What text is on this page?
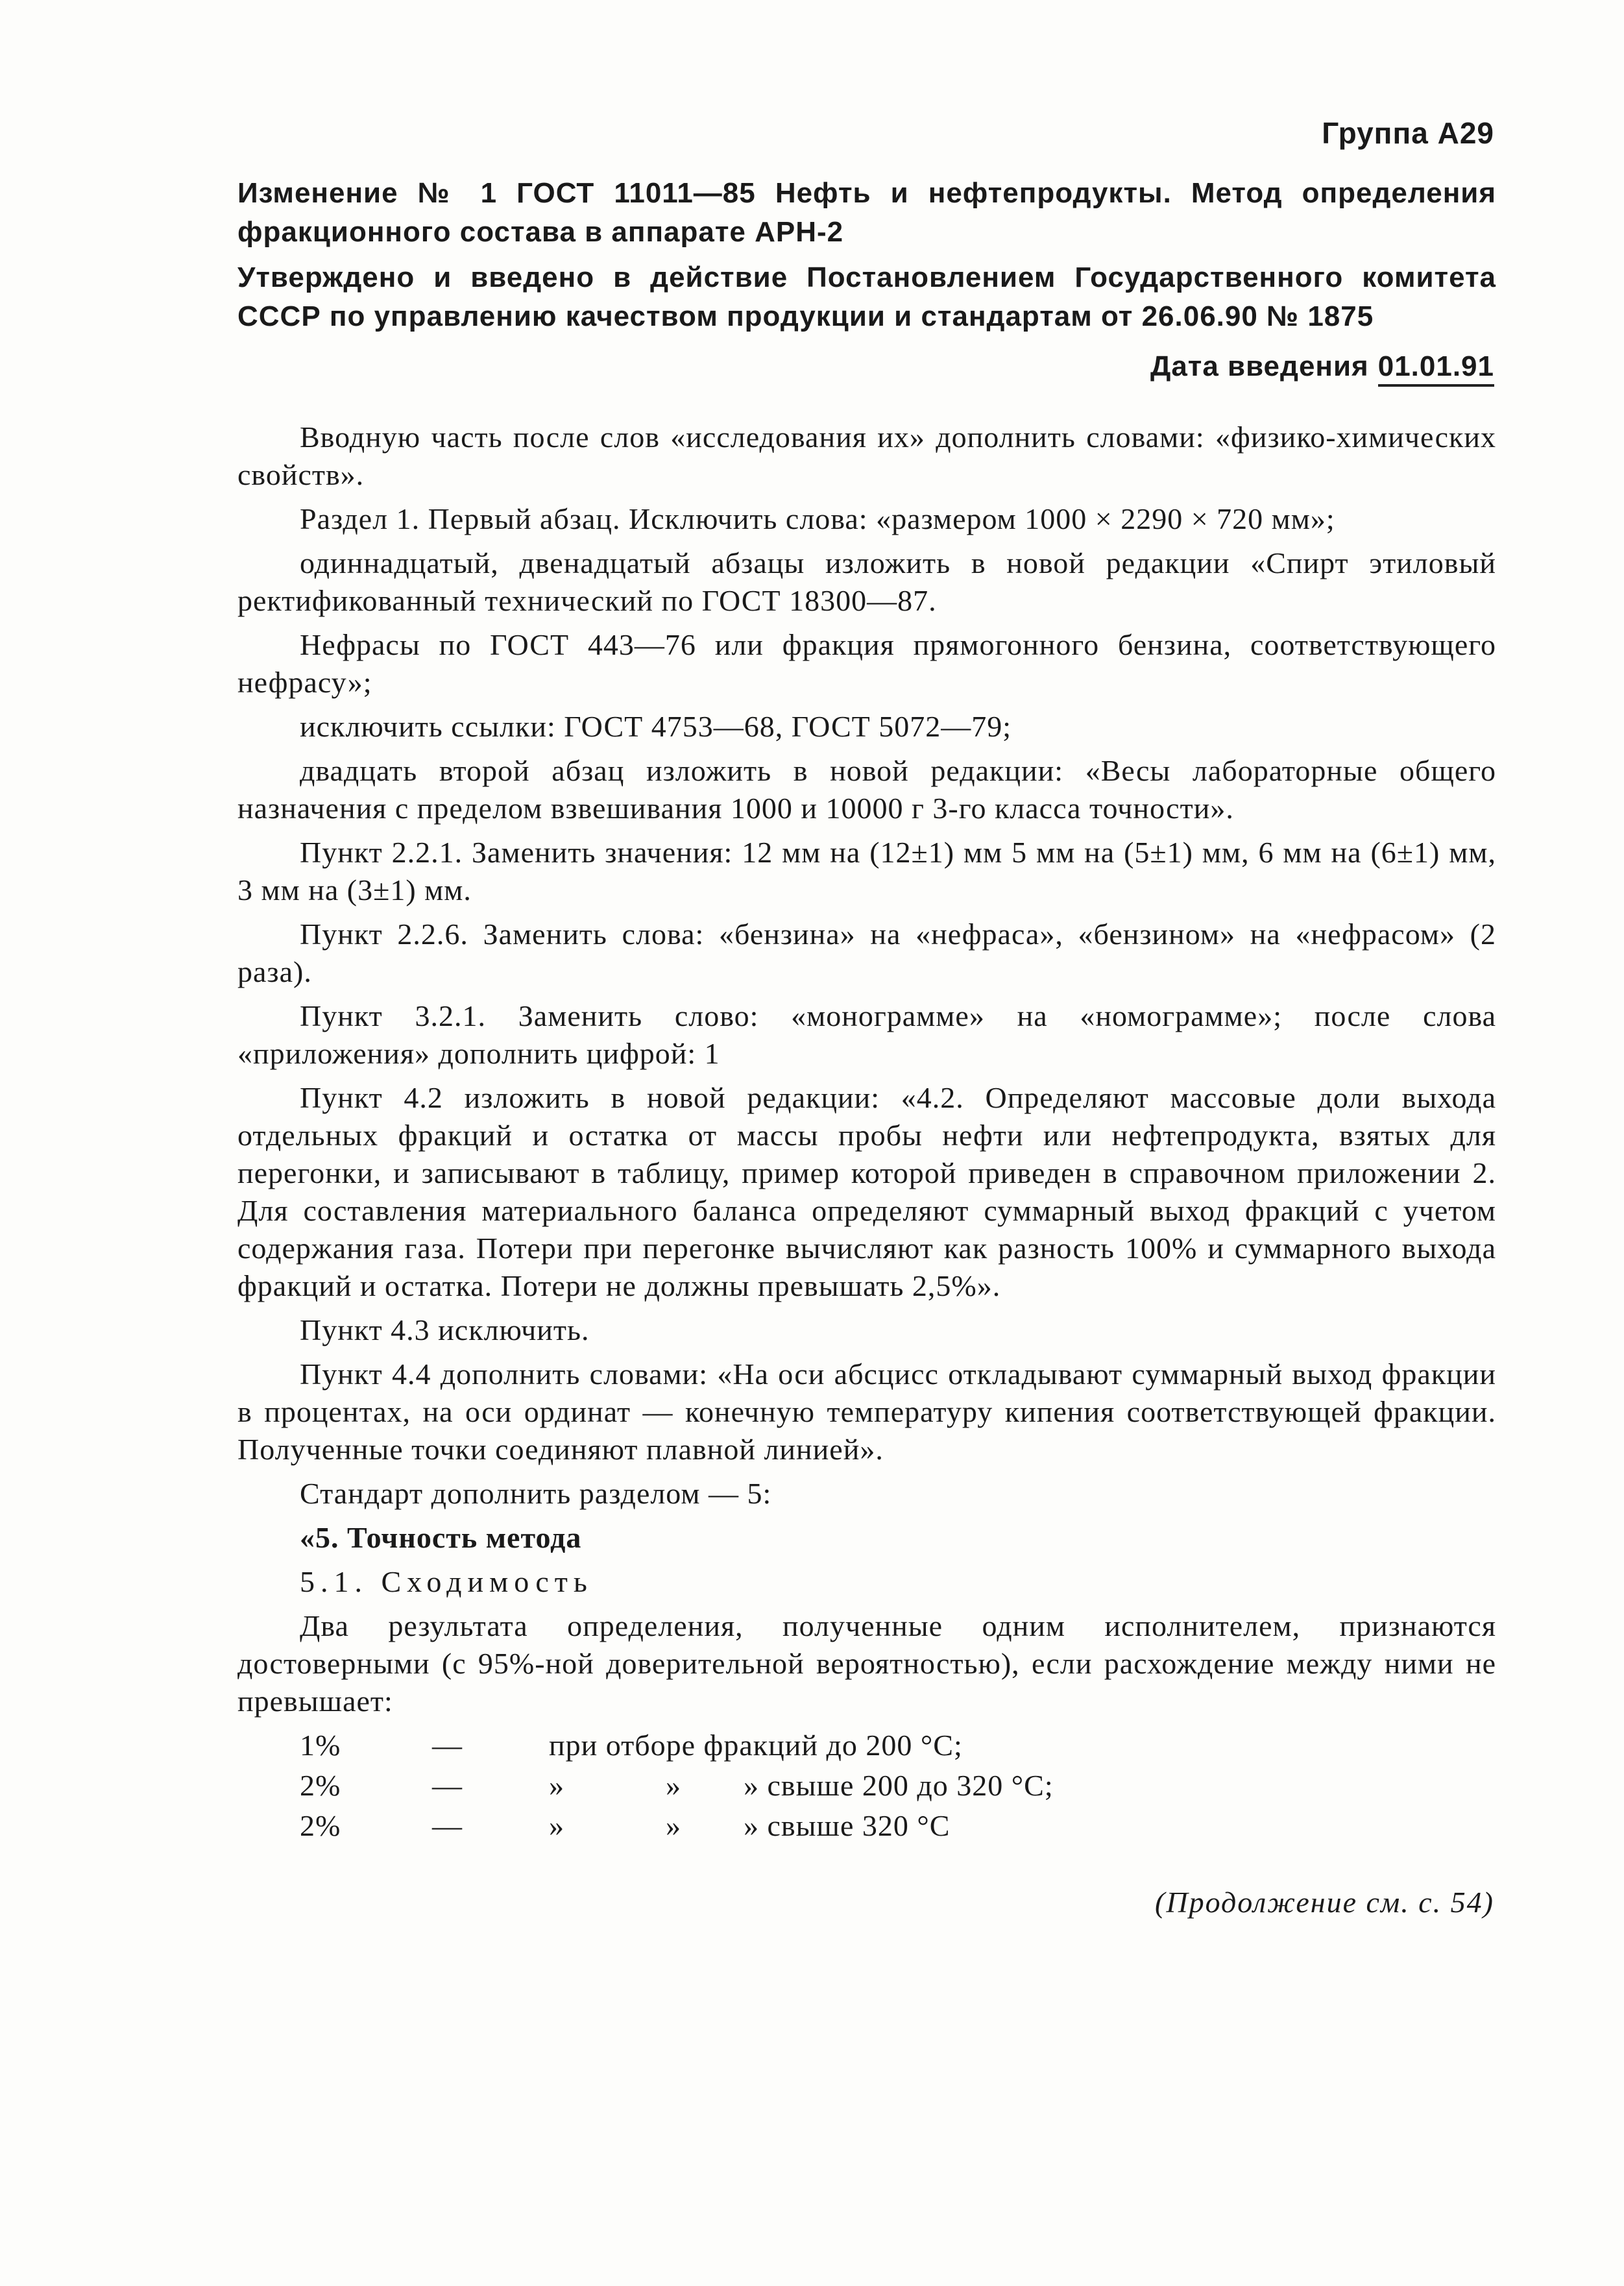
Группа А29
Изменение № 1 ГОСТ 11011—85 Нефть и нефтепродукты. Метод определения фракционного состава в аппарате АРН-2
Утверждено и введено в действие Постановлением Государственного комитета СССР по управлению качеством продукции и стандартам от 26.06.90 № 1875
Дата введения 01.01.91

Вводную часть после слов «исследования их» дополнить словами: «физико-химических свойств».

Раздел 1. Первый абзац. Исключить слова: «размером 1000 × 2290 × 720 мм»;

одиннадцатый, двенадцатый абзацы изложить в новой редакции «Спирт этиловый ректификованный технический по ГОСТ 18300—87.

Нефрасы по ГОСТ 443—76 или фракция прямогонного бензина, соответствующего нефрасу»;

исключить ссылки: ГОСТ 4753—68, ГОСТ 5072—79;

двадцать второй абзац изложить в новой редакции: «Весы лабораторные общего назначения с пределом взвешивания 1000 и 10000 г 3-го класса точности».

Пункт 2.2.1. Заменить значения: 12 мм на (12±1) мм 5 мм на (5±1) мм, 6 мм на (6±1) мм, 3 мм на (3±1) мм.

Пункт 2.2.6. Заменить слова: «бензина» на «нефраса», «бензином» на «нефрасом» (2 раза).

Пункт 3.2.1. Заменить слово: «монограмме» на «номограмме»; после слова «приложения» дополнить цифрой: 1

Пункт 4.2 изложить в новой редакции: «4.2. Определяют массовые доли выхода отдельных фракций и остатка от массы пробы нефти или нефтепродукта, взятых для перегонки, и записывают в таблицу, пример которой приведен в справочном приложении 2. Для составления материального баланса определяют суммарный выход фракций с учетом содержания газа. Потери при перегонке вычисляют как разность 100% и суммарного выхода фракций и остатка. Потери не должны превышать 2,5%».

Пункт 4.3 исключить.

Пункт 4.4 дополнить словами: «На оси абсцисс откладывают суммарный выход фракции в процентах, на оси ординат — конечную температуру кипения соответствующей фракции. Полученные точки соединяют плавной линией».

Стандарт дополнить разделом — 5:

«5. Точность метода

5.1. Сходимость

Два результата определения, полученные одним исполнителем, признаются достоверными (с 95%-ной доверительной вероятностью), если расхождение между ними не превышает:

1%	—	при отборе фракций до 200 °С;
2%	—	»	»	» свыше 200 до 320 °С;
2%	—	»	»	» свыше 320 °С
(Продолжение см. с. 54)
